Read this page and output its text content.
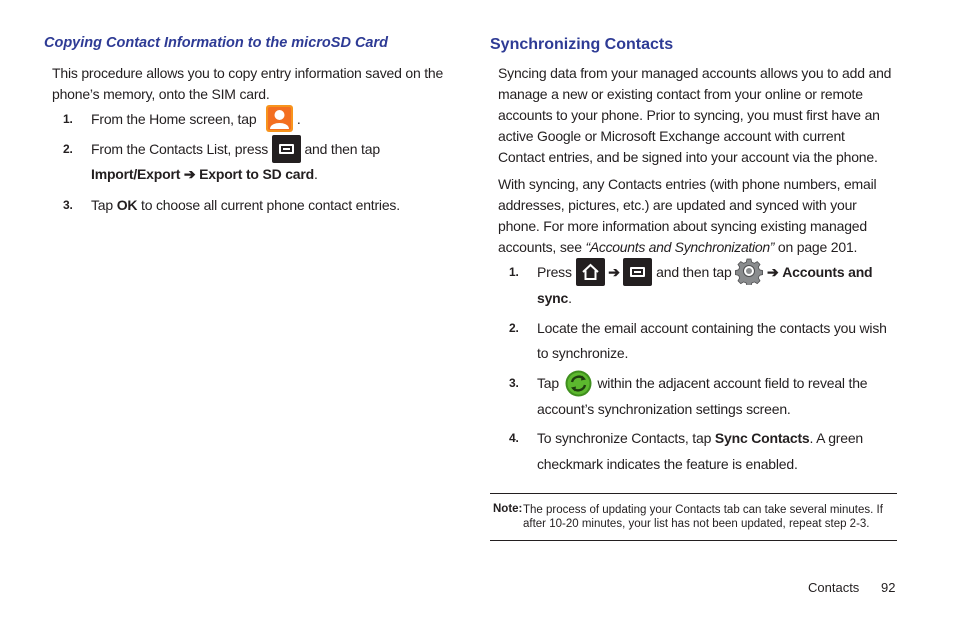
Copying Contact Information to the microSD Card
This procedure allows you to copy entry information saved on the
phone’s memory, onto the SIM card.
1. From the Home screen, tap	.
2. From the Contacts List, press	and then tap
Import/Export ➔ Export to SD card.
3. Tap OK to choose all current phone contact entries.
Synchronizing Contacts
Syncing data from your managed accounts allows you to add and
manage a new or existing contact from your online or remote
accounts to your phone. Prior to syncing, you must first have an
active Google or Microsoft Exchange account with current
Contact entries, and be signed into your account via the phone.
With syncing, any Contacts entries (with phone numbers, email
addresses, pictures, etc.) are updated and synced with your
phone. For more information about syncing existing managed
accounts, see “Accounts and Synchronization” on page 201.
1. Press	➔	and then tap	➔ Accounts and
sync.
2. Locate the email account containing the contacts you wish
to synchronize.
3. Tap	within the adjacent account field to reveal the
account’s synchronization settings screen.
4. To synchronize Contacts, tap Sync Contacts. A green
checkmark indicates the feature is enabled.
Note: The process of updating your Contacts tab can take several minutes. If
after 10-20 minutes, your list has not been updated, repeat step 2-3.
Contacts 92
